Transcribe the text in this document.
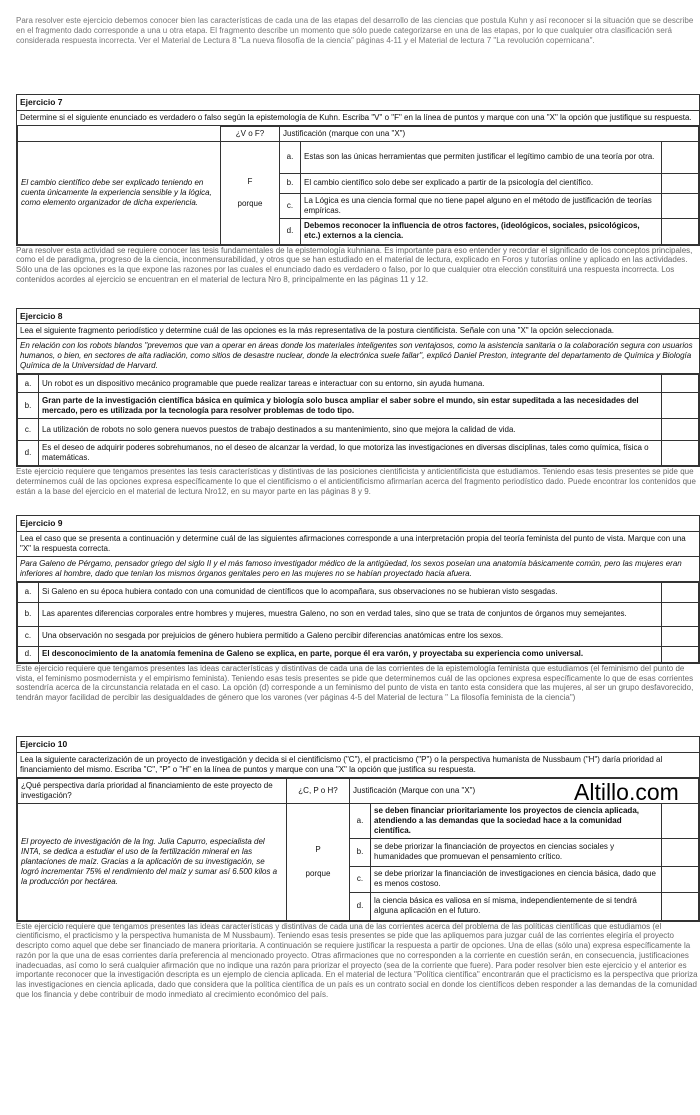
Para resolver este ejercicio debemos conocer bien las características de cada una de las etapas del desarrollo de las ciencias que postula Kuhn y así reconocer si la situación que se describe en el fragmento dado corresponde a una u otra etapa. El fragmento describe un momento que sólo puede categorizarse en una de las etapas, por lo que cualquier otra clasificación será considerada respuesta incorrecta. Ver el Material de Lectura 8 "La nueva filosofía de la ciencia" páginas 4-11 y el Material de lectura 7 "La revolución copernicana".

Ejercicio 7
Determine si el siguiente enunciado es verdadero o falso según la epistemología de Kuhn. Escriba "V" o "F" en la línea de puntos y marque con una "X" la opción que justifique su respuesta.
	¿V o F?	Justificación (marque con una "X")		
El cambio científico debe ser explicado teniendo en cuenta únicamente la experiencia sensible y la lógica, como elemento organizador de dicha experiencia.	F
porque	a.	Estas son las únicas herramientas que permiten justificar el legítimo cambio de una teoría por otra.	
		b.	El cambio científico solo debe ser explicado a partir de la psicología del científico.	
		c.	La Lógica es una ciencia formal que no tiene papel alguno en el método de justificación de teorías empíricas.	
		d.	Debemos reconocer la influencia de otros factores, (ideológicos, sociales, psicológicos, etc.) externos a la ciencia.	

Para resolver esta actividad se requiere conocer las tesis fundamentales de la epistemología kuhniana. Es importante para eso entender y recordar el significado de los conceptos principales, como el de paradigma, progreso de la ciencia, inconmensurabilidad, y otros que se han estudiado en el material de lectura, explicado en Foros y tutorías online y aplicado en las actividades. Sólo una de las opciones es la que expone las razones por las cuales el enunciado dado es verdadero o falso, por lo que cualquier otra elección constituirá una respuesta incorrecta. Los contenidos acordes al ejercicio se encuentran en el material de lectura Nro 8, principalmente en las páginas 11 y 12.

Ejercicio 8
Lea el siguiente fragmento periodístico y determine cuál de las opciones es la más representativa de la postura cientificista. Señale con una "X" la opción seleccionada.
En relación con los robots blandos "prevemos que van a operar en áreas donde los materiales inteligentes son ventajosos, como la asistencia sanitaria o la colaboración segura con usuarios humanos, o bien, en sectores de alta radiación, como sitios de desastre nuclear, donde la electrónica suele fallar", explicó Daniel Preston, integrante del departamento de Química y Biología Química de la Universidad de Harvard.
a.	Un robot es un dispositivo mecánico programable que puede realizar tareas e interactuar con su entorno, sin ayuda humana.	
b.	Gran parte de la investigación científica básica en química y biología solo busca ampliar el saber sobre el mundo, sin estar supeditada a las necesidades del mercado, pero es utilizada por la tecnología para resolver problemas de todo tipo.	
c.	La utilización de robots no solo genera nuevos puestos de trabajo destinados a su mantenimiento, sino que mejora la calidad de vida.	
d.	Es el deseo de adquirir poderes sobrehumanos, no el deseo de alcanzar la verdad, lo que motoriza las investigaciones en diversas disciplinas, tales como química, física o matemáticas.	

Este ejercicio requiere que tengamos presentes las tesis características y distintivas de las posiciones cientificista y anticientificista que estudiamos. Teniendo esas tesis presentes se pide que determinemos cuál de las opciones expresa específicamente lo que el cientificismo o el anticientificismo afirmarían acerca del fragmento periodístico dado. Puede encontrar los contenidos que están a la base del ejercicio en el material de lectura Nro12, en su mayor parte en las páginas 8 y 9.

Ejercicio 9
Lea el caso que se presenta a continuación y determine cuál de las siguientes afirmaciones corresponde a una interpretación propia del teoría feminista del punto de vista. Marque con una "X" la respuesta correcta.
Para Galeno de Pérgamo, pensador griego del siglo II y el más famoso investigador médico de la antigüedad, los sexos poseían una anatomía básicamente común, pero las mujeres eran inferiores al hombre, dado que tenían los mismos órganos genitales pero en las mujeres no se habían proyectado hacia afuera.
a.	Si Galeno en su época hubiera contado con una comunidad de científicos que lo acompañara, sus observaciones no se hubieran visto sesgadas.	
b.	Las aparentes diferencias corporales entre hombres y mujeres, muestra Galeno, no son en verdad tales, sino que se trata de conjuntos de órganos muy semejantes.	
c.	Una observación no sesgada por prejuicios de género hubiera permitido a Galeno percibir diferencias anatómicas entre los sexos.	
d.	El desconocimiento de la anatomía femenina de Galeno se explica, en parte, porque él era varón, y proyectaba su experiencia como universal.	

Este ejercicio requiere que tengamos presentes las ideas características y distintivas de cada una de las corrientes de la epistemología feminista que estudiamos (el feminismo del punto de vista, el feminismo posmodernista y el empirismo feminista). Teniendo esas tesis presentes se pide que determinemos cuál de las opciones expresa específicamente lo que de esas corrientes sostendría acerca de la circunstancia relatada en el caso. La opción (d) corresponde a un feminismo del punto de vista en tanto esta considera que las mujeres, al ser un grupo desfavorecido, tendrán mayor facilidad de percibir las desigualdades de género que los varones (ver páginas 4-5 del Material de lectura " La filosofía feminista de la ciencia")

Altillo.com
Ejercicio 10
Lea la siguiente caracterización de un proyecto de investigación y decida si el cientificismo ("C"), el practicismo ("P") o la perspectiva humanista de Nussbaum ("H") daría prioridad al financiamiento del mismo. Escriba "C", "P" o "H" en la línea de puntos y marque con una "X" la opción que justifica su respuesta.
¿Qué perspectiva daría prioridad al financiamiento de este proyecto de investigación?	¿C, P o H?	Justificación (Marque con una "X")		
El proyecto de investigación de la Ing. Julia Capurro, especialista del INTA, se dedica a estudiar el uso de la fertilización mineral en las plantaciones de maíz. Gracias a la aplicación de su investigación, se logró incrementar 75% el rendimiento del maíz y sumar así 6.500 kilos a la producción por hectárea.	P
porque	a.	se deben financiar prioritariamente los proyectos de ciencia aplicada, atendiendo a las demandas que la sociedad hace a la comunidad científica.	
		b.	se debe priorizar la financiación de proyectos en ciencias sociales y humanidades que promuevan el pensamiento crítico.	
		c.	se debe priorizar la financiación de investigaciones en ciencia básica, dado que es menos costoso.	
		d.	la ciencia básica es valiosa en sí misma, independientemente de si tendrá alguna aplicación en el futuro.	

Este ejercicio requiere que tengamos presentes las ideas características y distintivas de cada una de las corrientes acerca del problema de las políticas científicas que estudiamos (el cientificismo, el practicismo y la perspectiva humanista de M Nussbaum). Teniendo esas tesis presentes se pide que las apliquemos para juzgar cuál de las corrientes elegiría el proyecto descripto como aquel que debe ser financiado de manera prioritaria. A continuación se requiere justificar la respuesta a partir de opciones. Una de ellas (sólo una) expresa específicamente la razón por la que una de esas corrientes daría preferencia al mencionado proyecto. Otras afirmaciones que no corresponden a la corriente en cuestión serán, en consecuencia, justificaciones inadecuadas, así como lo será cualquier afirmación que no indique una razón para priorizar el proyecto (sea de la corriente que fuere). Para poder resolver bien este ejercicio y el anterior es importante reconocer que la investigación descripta es un ejemplo de ciencia aplicada. En el material de lectura "Política científica" encontrarán que el practicismo es la perspectiva que prioriza las investigaciones en ciencia aplicada, dado que considera que la política científica de un país es un contrato social en donde los científicos deben responder a las demandas de la comunidad que los financia y debe contribuir de modo inmediato al crecimiento económico del país.
